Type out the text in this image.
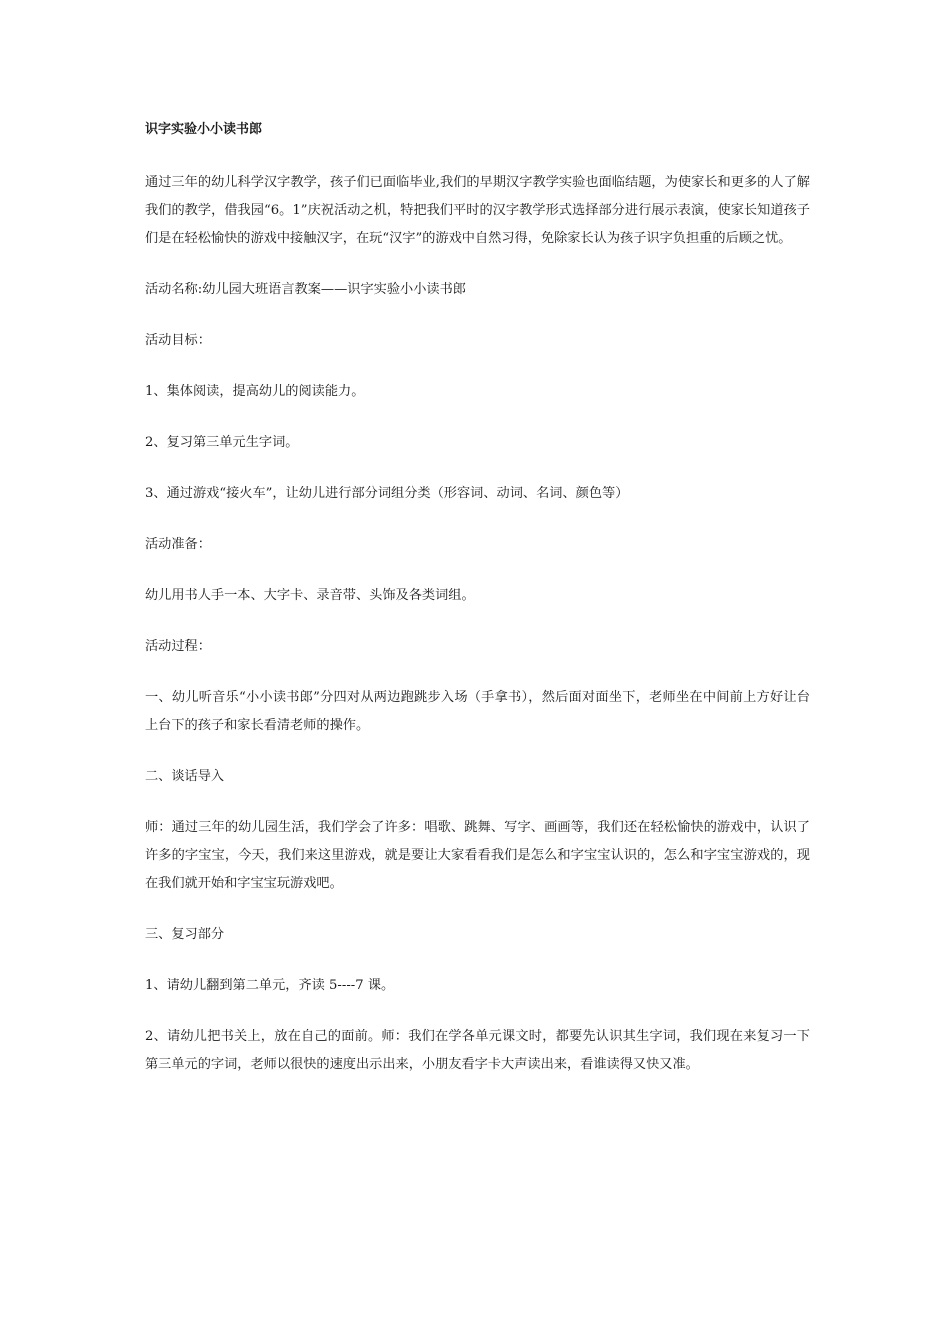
识字实验小小读书郎

通过三年的幼儿科学汉字教学，孩子们已面临毕业,我们的早期汉字教学实验也面临结题，为使家长和更多的人了解我们的教学，借我园“6。1”庆祝活动之机，特把我们平时的汉字教学形式选择部分进行展示表演，使家长知道孩子们是在轻松愉快的游戏中接触汉字，在玩“汉字”的游戏中自然习得，免除家长认为孩子识字负担重的后顾之忧。

活动名称:幼儿园大班语言教案——识字实验小小读书郎

活动目标：

1、集体阅读，提高幼儿的阅读能力。

2、复习第三单元生字词。

3、通过游戏“接火车”，让幼儿进行部分词组分类（形容词、动词、名词、颜色等）

活动准备：

幼儿用书人手一本、大字卡、录音带、头饰及各类词组。

活动过程：

一、幼儿听音乐“小小读书郎”分四对从两边跑跳步入场（手拿书），然后面对面坐下，老师坐在中间前上方好让台上台下的孩子和家长看清老师的操作。

二、谈话导入

师：通过三年的幼儿园生活，我们学会了许多：唱歌、跳舞、写字、画画等，我们还在轻松愉快的游戏中，认识了许多的字宝宝，今天，我们来这里游戏，就是要让大家看看我们是怎么和字宝宝认识的，怎么和字宝宝游戏的，现在我们就开始和字宝宝玩游戏吧。

三、复习部分

1、请幼儿翻到第二单元，齐读 5----7 课。

2、请幼儿把书关上，放在自己的面前。师：我们在学各单元课文时，都要先认识其生字词，我们现在来复习一下第三单元的字词，老师以很快的速度出示出来，小朋友看字卡大声读出来，看谁读得又快又准。
